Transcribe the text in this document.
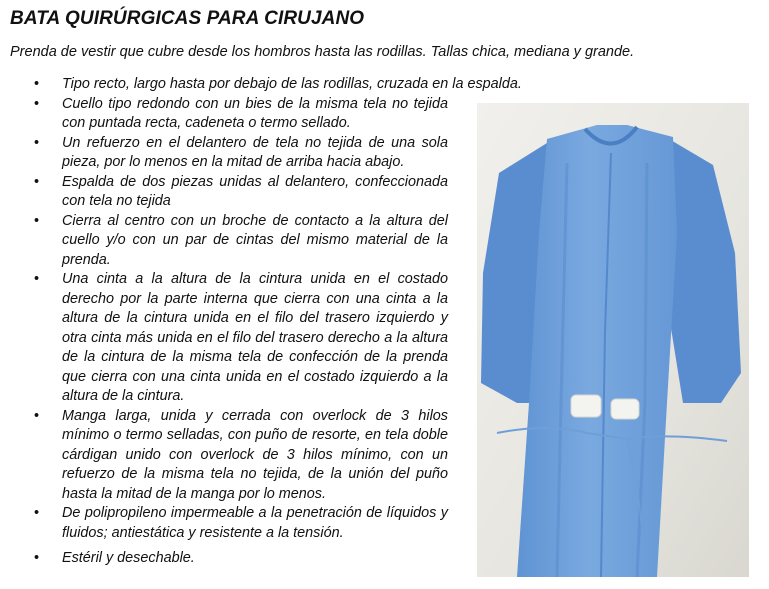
BATA QUIRÚRGICAS PARA CIRUJANO
Prenda de vestir que cubre desde los hombros hasta las rodillas. Tallas chica, mediana y grande.
• Tipo recto, largo hasta por debajo de las rodillas, cruzada en la espalda.
• Cuello tipo redondo con un bies de la misma tela no tejida con puntada recta, cadeneta o termo sellado.
• Un refuerzo en el delantero de tela no tejida de una sola pieza, por lo menos en la mitad de arriba hacia abajo.
• Espalda de dos piezas unidas al delantero, confeccionada con tela no tejida
• Cierra al centro con un broche de contacto a la altura del cuello y/o con un par de cintas del mismo material de la prenda.
• Una cinta a la altura de la cintura unida en el costado derecho por la parte interna que cierra con una cinta a la altura de la cintura unida en el filo del trasero izquierdo y otra cinta más unida en el filo del trasero derecho a la altura de la cintura de la misma tela de confección de la prenda que cierra con una cinta unida en el costado izquierdo a la altura de la cintura.
• Manga larga, unida y cerrada con overlock de 3 hilos mínimo o termo selladas, con puño de resorte, en tela doble cárdigan unido con overlock de 3 hilos mínimo, con un refuerzo de la misma tela no tejida, de la unión del puño hasta la mitad de la manga por lo menos.
• De polipropileno impermeable a la penetración de líquidos y fluidos; antiestática y resistente a la tensión.
• Estéril y desechable.
